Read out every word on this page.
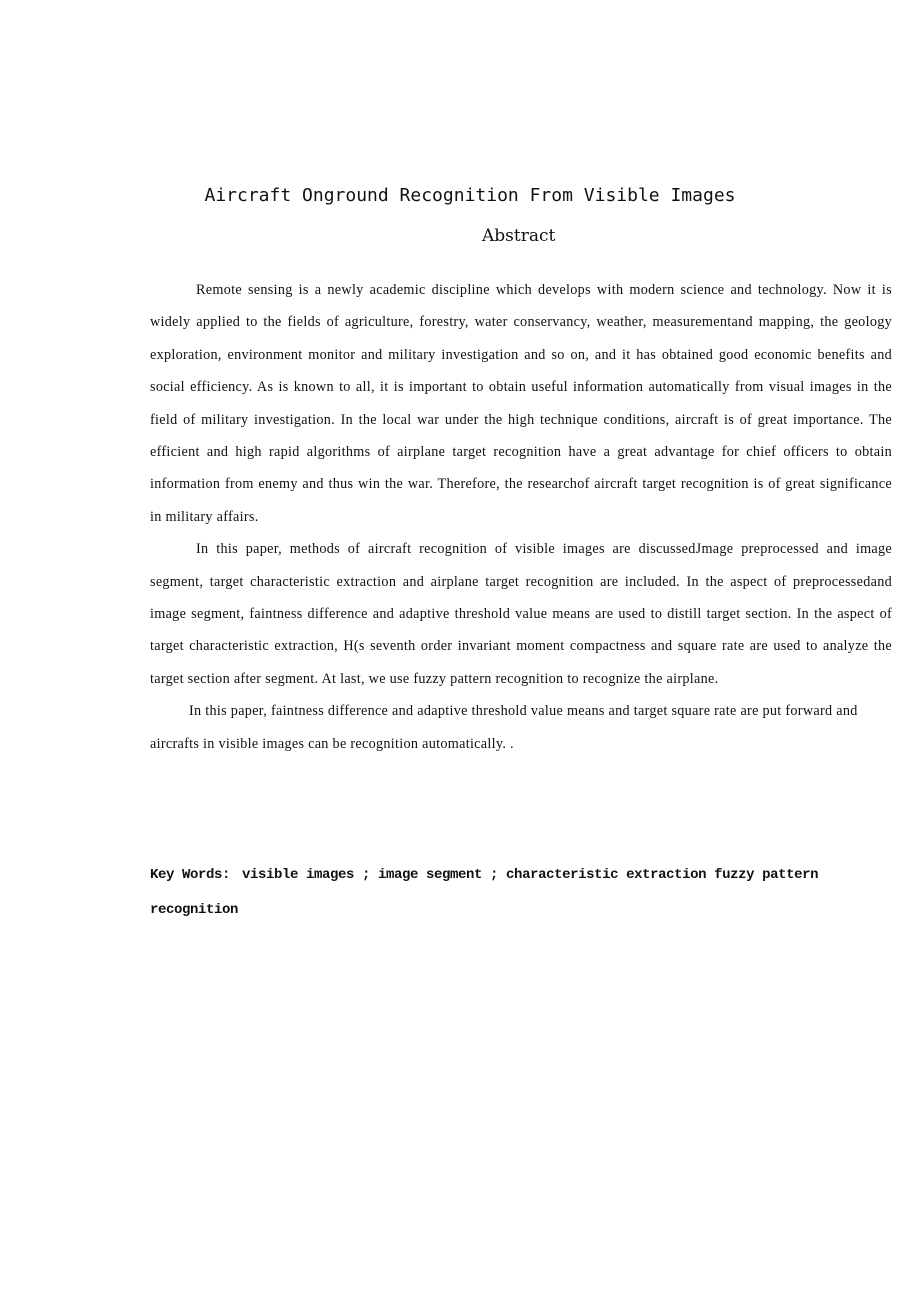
Aircraft Onground Recognition From Visible Images
Abstract

Remote sensing is a newly academic discipline which develops with modern science and technology. Now it is widely applied to the fields of agriculture, forestry, water conservancy, weather, measurementand mapping, the geology exploration, environment monitor and military investigation and so on, and it has obtained good economic benefits and social efficiency. As is known to all, it is important to obtain useful information automatically from visual images in the field of military investigation. In the local war under the high technique conditions, aircraft is of great importance. The efficient and high rapid algorithms of airplane target recognition have a great advantage for chief officers to obtain information from enemy and thus win the war. Therefore, the researchof aircraft target recognition is of great significance in military affairs.

In this paper, methods of aircraft recognition of visible images are discussedJmage preprocessed and image segment, target characteristic extraction and airplane target recognition are included. In the aspect of preprocessedand image segment, faintness difference and adaptive threshold value means are used to distill target section. In the aspect of target characteristic extraction, H(s seventh order invariant moment compactness and square rate are used to analyze the target section after segment. At last, we use fuzzy pattern recognition to recognize the airplane.

In this paper, faintness difference and adaptive threshold value means and target square rate are put forward and aircrafts in visible images can be recognition automatically. .

Key Words: visible images ; image segment ; characteristic extraction fuzzy pattern recognition
